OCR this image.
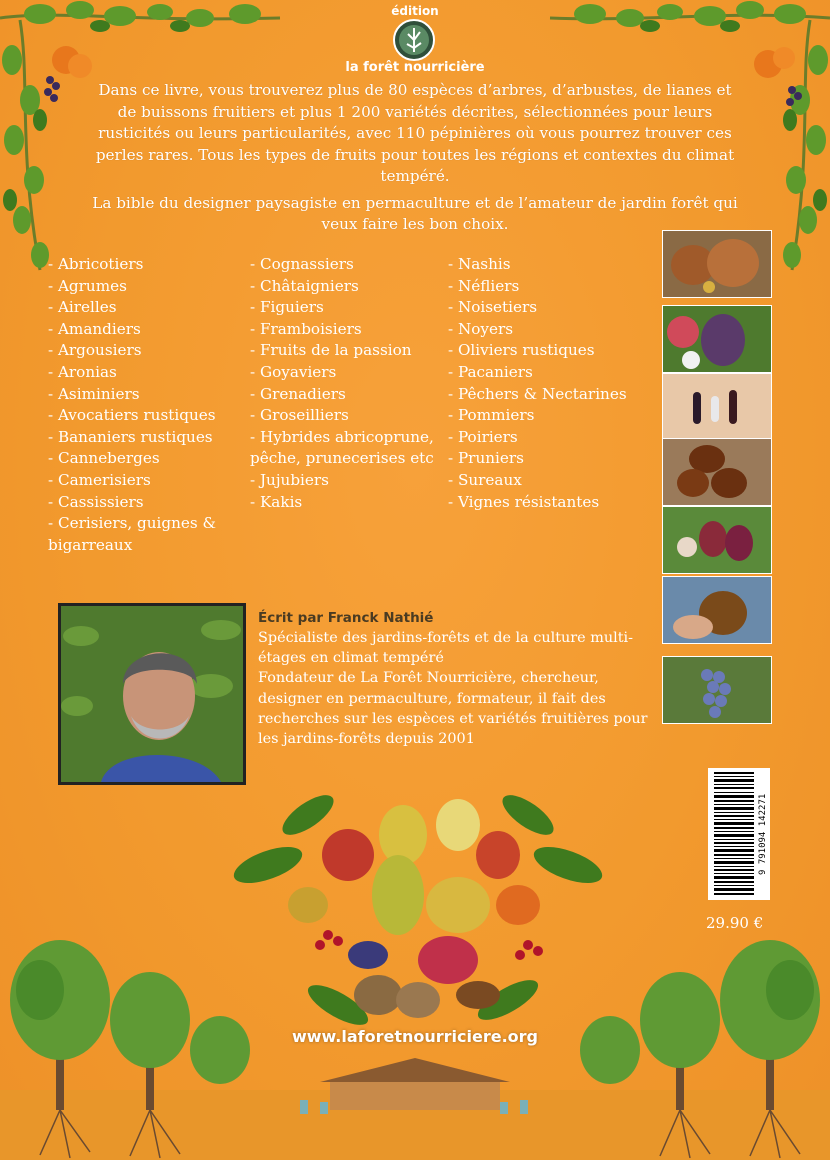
édition
la forêt nourricière

Dans ce livre, vous trouverez plus de 80 espèces d’arbres, d’arbustes, de lianes et de buissons fruitiers et plus 1 200 variétés décrites, sélectionnées pour leurs rusticités ou leurs particularités, avec 110 pépinières où vous pourrez trouver ces perles rares. Tous les types de fruits pour toutes les régions et contextes du climat tempéré.

La bible du designer paysagiste en permaculture et de l’amateur de jardin forêt qui veux faire les bon choix.

- Abricotiers
- Agrumes
- Airelles
- Amandiers
- Argousiers
- Aronias
- Asiminiers
- Avocatiers rustiques
- Bananiers rustiques
- Canneberges
- Camerisiers
- Cassissiers
- Cerisiers, guignes & bigarreaux
- Cognassiers
- Châtaigniers
- Figuiers
- Framboisiers
- Fruits de la passion
- Goyaviers
- Grenadiers
- Groseilliers
- Hybrides abricoprune, pêche, prunecerises etc
- Jujubiers
- Kakis
- Nashis
- Néfliers
- Noisetiers
- Noyers
- Oliviers rustiques
- Pacaniers
- Pêchers & Nectarines
- Pommiers
- Poiriers
- Pruniers
- Sureaux
- Vignes résistantes
Écrit par Franck Nathié

Spécialiste des jardins-forêts et de la culture multi-étages en climat tempéré

Fondateur de La Forêt Nourricière, chercheur, designer en permaculture, formateur, il fait des recherches sur les espèces et variétés fruitières pour les jardins-forêts depuis 2001

9 791094 142271
29.90 €
www.laforetnourriciere.org
